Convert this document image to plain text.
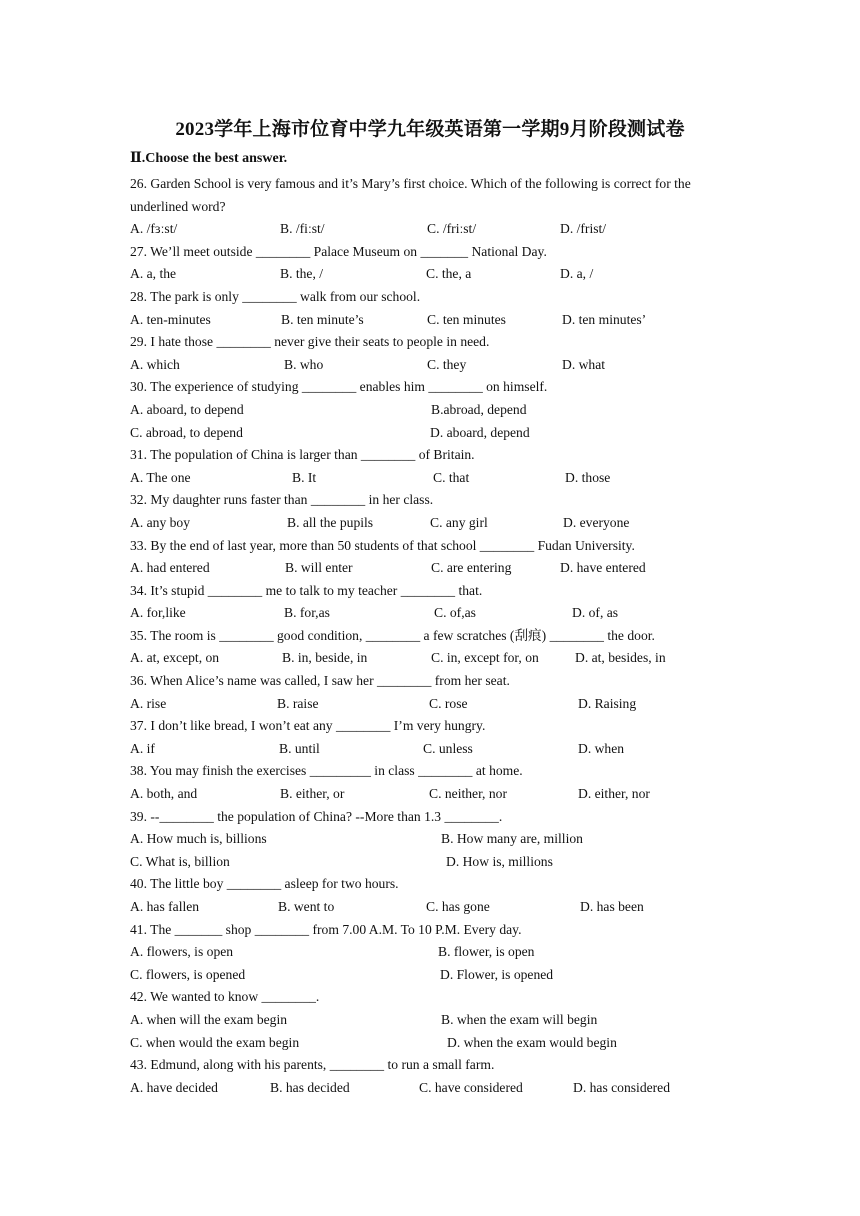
2023学年上海市位育中学九年级英语第一学期9月阶段测试卷
Ⅱ.Choose the best answer.
26. Garden School is very famous and it’s Mary’s first choice. Which of the following is correct for the underlined word?
A. /fɜːst/	B. /fiːst/	C. /friːst/	D. /frist/
27. We’ll meet outside ________ Palace Museum on _______ National Day.
A. a, the	B. the, /	C. the, a	D. a, /
28. The park is only ________ walk from our school.
A. ten-minutes	B. ten minute’s	C. ten minutes	D. ten minutes’
29. I hate those ________ never give their seats to people in need.
A. which	B. who	C. they	D. what
30. The experience of studying ________ enables him ________ on himself.
A. aboard, to depend	B.abroad, depend
C. abroad, to depend	D. aboard, depend
31. The population of China is larger than ________ of Britain.
A. The one	B. It	C. that	D. those
32. My daughter runs faster than ________ in her class.
A. any boy	B. all the pupils	C. any girl	D. everyone
33. By the end of last year, more than 50 students of that school ________ Fudan University.
A. had entered	B. will enter	C. are entering	D. have entered
34. It’s stupid ________ me to talk to my teacher ________ that.
A. for,like	B. for,as	C. of,as	D. of, as
35. The room is ________ good condition, ________ a few scratches (刮痕) ________ the door.
A. at, except, on	B. in, beside, in	C. in, except for, on	D. at, besides, in
36. When Alice’s name was called, I saw her ________ from her seat.
A. rise	B. raise	C. rose	D. Raising
37. I don’t like bread, I won’t eat any ________ I’m very hungry.
A. if	B. until	C. unless	D. when
38. You may finish the exercises _________ in class ________ at home.
A. both, and	B. either, or	C. neither, nor	D. either, nor
39. --________ the population of China? --More than 1.3 ________.
A. How much is, billions	B. How many are, million
C. What is, billion	D. How is, millions
40. The little boy ________ asleep for two hours.
A. has fallen	B. went to	C. has gone	D. has been
41. The _______ shop ________ from 7.00 A.M. To 10 P.M. Every day.
A. flowers, is open	B. flower, is open
C. flowers, is opened	D. Flower, is opened
42. We wanted to know ________.
A. when will the exam begin	B. when the exam will begin
C. when would the exam begin	D. when the exam would begin
43. Edmund, along with his parents, ________ to run a small farm.
A. have decided	B. has decided	C. have considered	D. has considered
